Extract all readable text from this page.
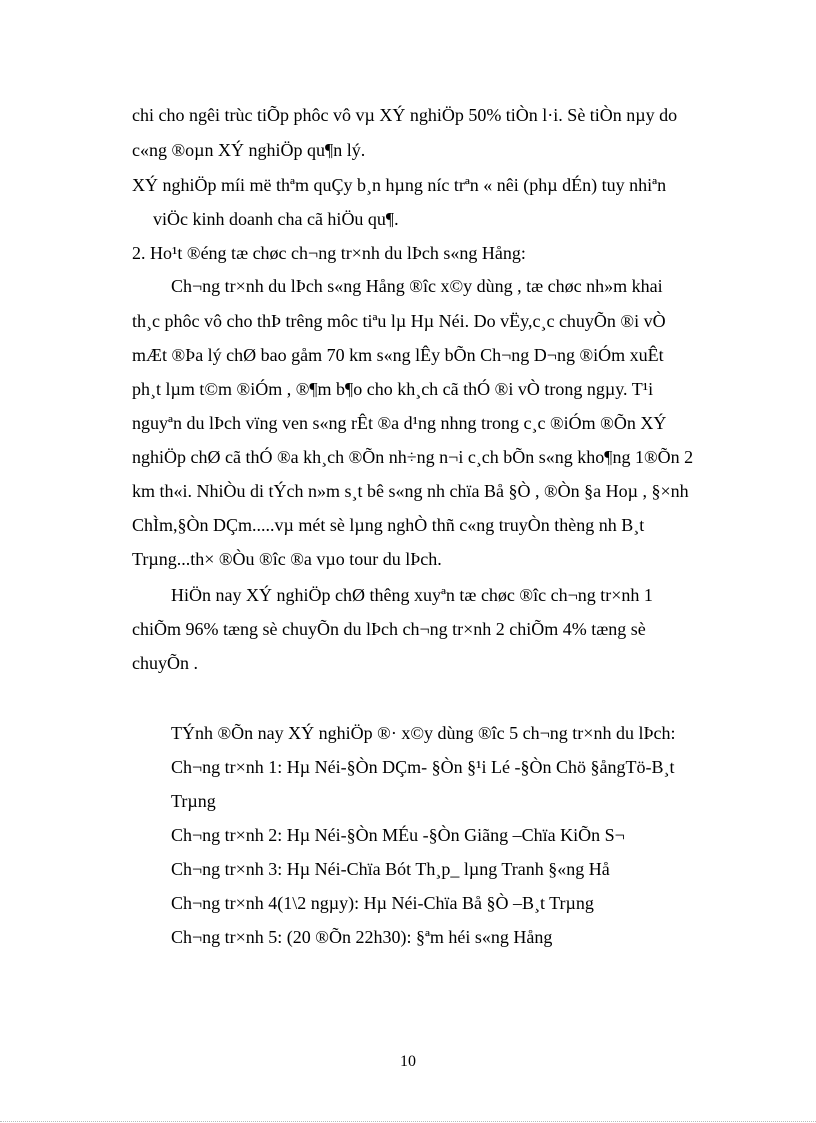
chi cho ngêi trùc tiÕp phôc vô vµ XÝ nghiÖp 50% tiÒn l·i. Sè tiÒn nµy do
c«ng ®oµn XÝ nghiÖp qu¶n lý.
XÝ nghiÖp míi më thªm quÇy b¸n hµng níc trªn « nêi (phµ dÉn) tuy nhiªn
viÖc kinh doanh cha cã hiÖu qu¶.
2. Ho¹t ®éng tæ chøc ch¬ng tr×nh du lÞch s«ng Hång:
Ch¬ng tr×nh du lÞch s«ng Hång ®îc x©y dùng , tæ chøc nh»m khai
th¸c phôc vô cho thÞ trêng môc tiªu lµ Hµ Néi. Do vËy,c¸c chuyÕn ®i vÒ
mÆt ®Þa lý chØ bao gåm 70 km s«ng lÊy bÕn Ch¬ng D¬ng ®iÓm xuÊt
ph¸t lµm t©m ®iÓm , ®¶m b¶o cho kh¸ch cã thÓ ®i vÒ trong ngµy. T¹i
nguyªn du lÞch vïng ven s«ng rÊt ®a d¹ng nhng trong c¸c ®iÓm ®Õn XÝ
nghiÖp chØ cã thÓ ®a kh¸ch ®Õn nh÷ng n¬i c¸ch bÕn s«ng kho¶ng 1®Õn 2
km th«i. NhiÒu di tÝch n»m s¸t bê s«ng nh chïa Bå §Ò , ®Òn §a Hoµ , §×nh
ChÌm,§Òn DÇm.....vµ mét sè lµng nghÒ thñ c«ng truyÒn thèng nh B¸t
Trµng...th× ®Òu ®îc ®a vµo tour du lÞch.
HiÖn nay XÝ nghiÖp chØ thêng xuyªn tæ chøc ®îc ch¬ng tr×nh 1
chiÕm 96% tæng sè chuyÕn du lÞch ch¬ng tr×nh 2 chiÕm 4% tæng sè
chuyÕn .
TÝnh ®Õn nay XÝ nghiÖp ®· x©y dùng ®îc 5 ch¬ng tr×nh du lÞch:
Ch¬ng tr×nh 1: Hµ Néi-§Òn DÇm- §Òn §¹i Lé -§Òn Chö §ångTö-B¸t
Trµng
Ch¬ng tr×nh 2: Hµ Néi-§Òn MÉu -§Òn Giãng –Chïa KiÕn S¬
Ch¬ng tr×nh 3: Hµ Néi-Chïa Bót Th¸p_ lµng Tranh §«ng Hå
Ch¬ng tr×nh 4(1\2 ngµy): Hµ Néi-Chïa Bå §Ò –B¸t Trµng
Ch¬ng tr×nh 5: (20 ®Õn 22h30): §ªm héi s«ng Hång
10
